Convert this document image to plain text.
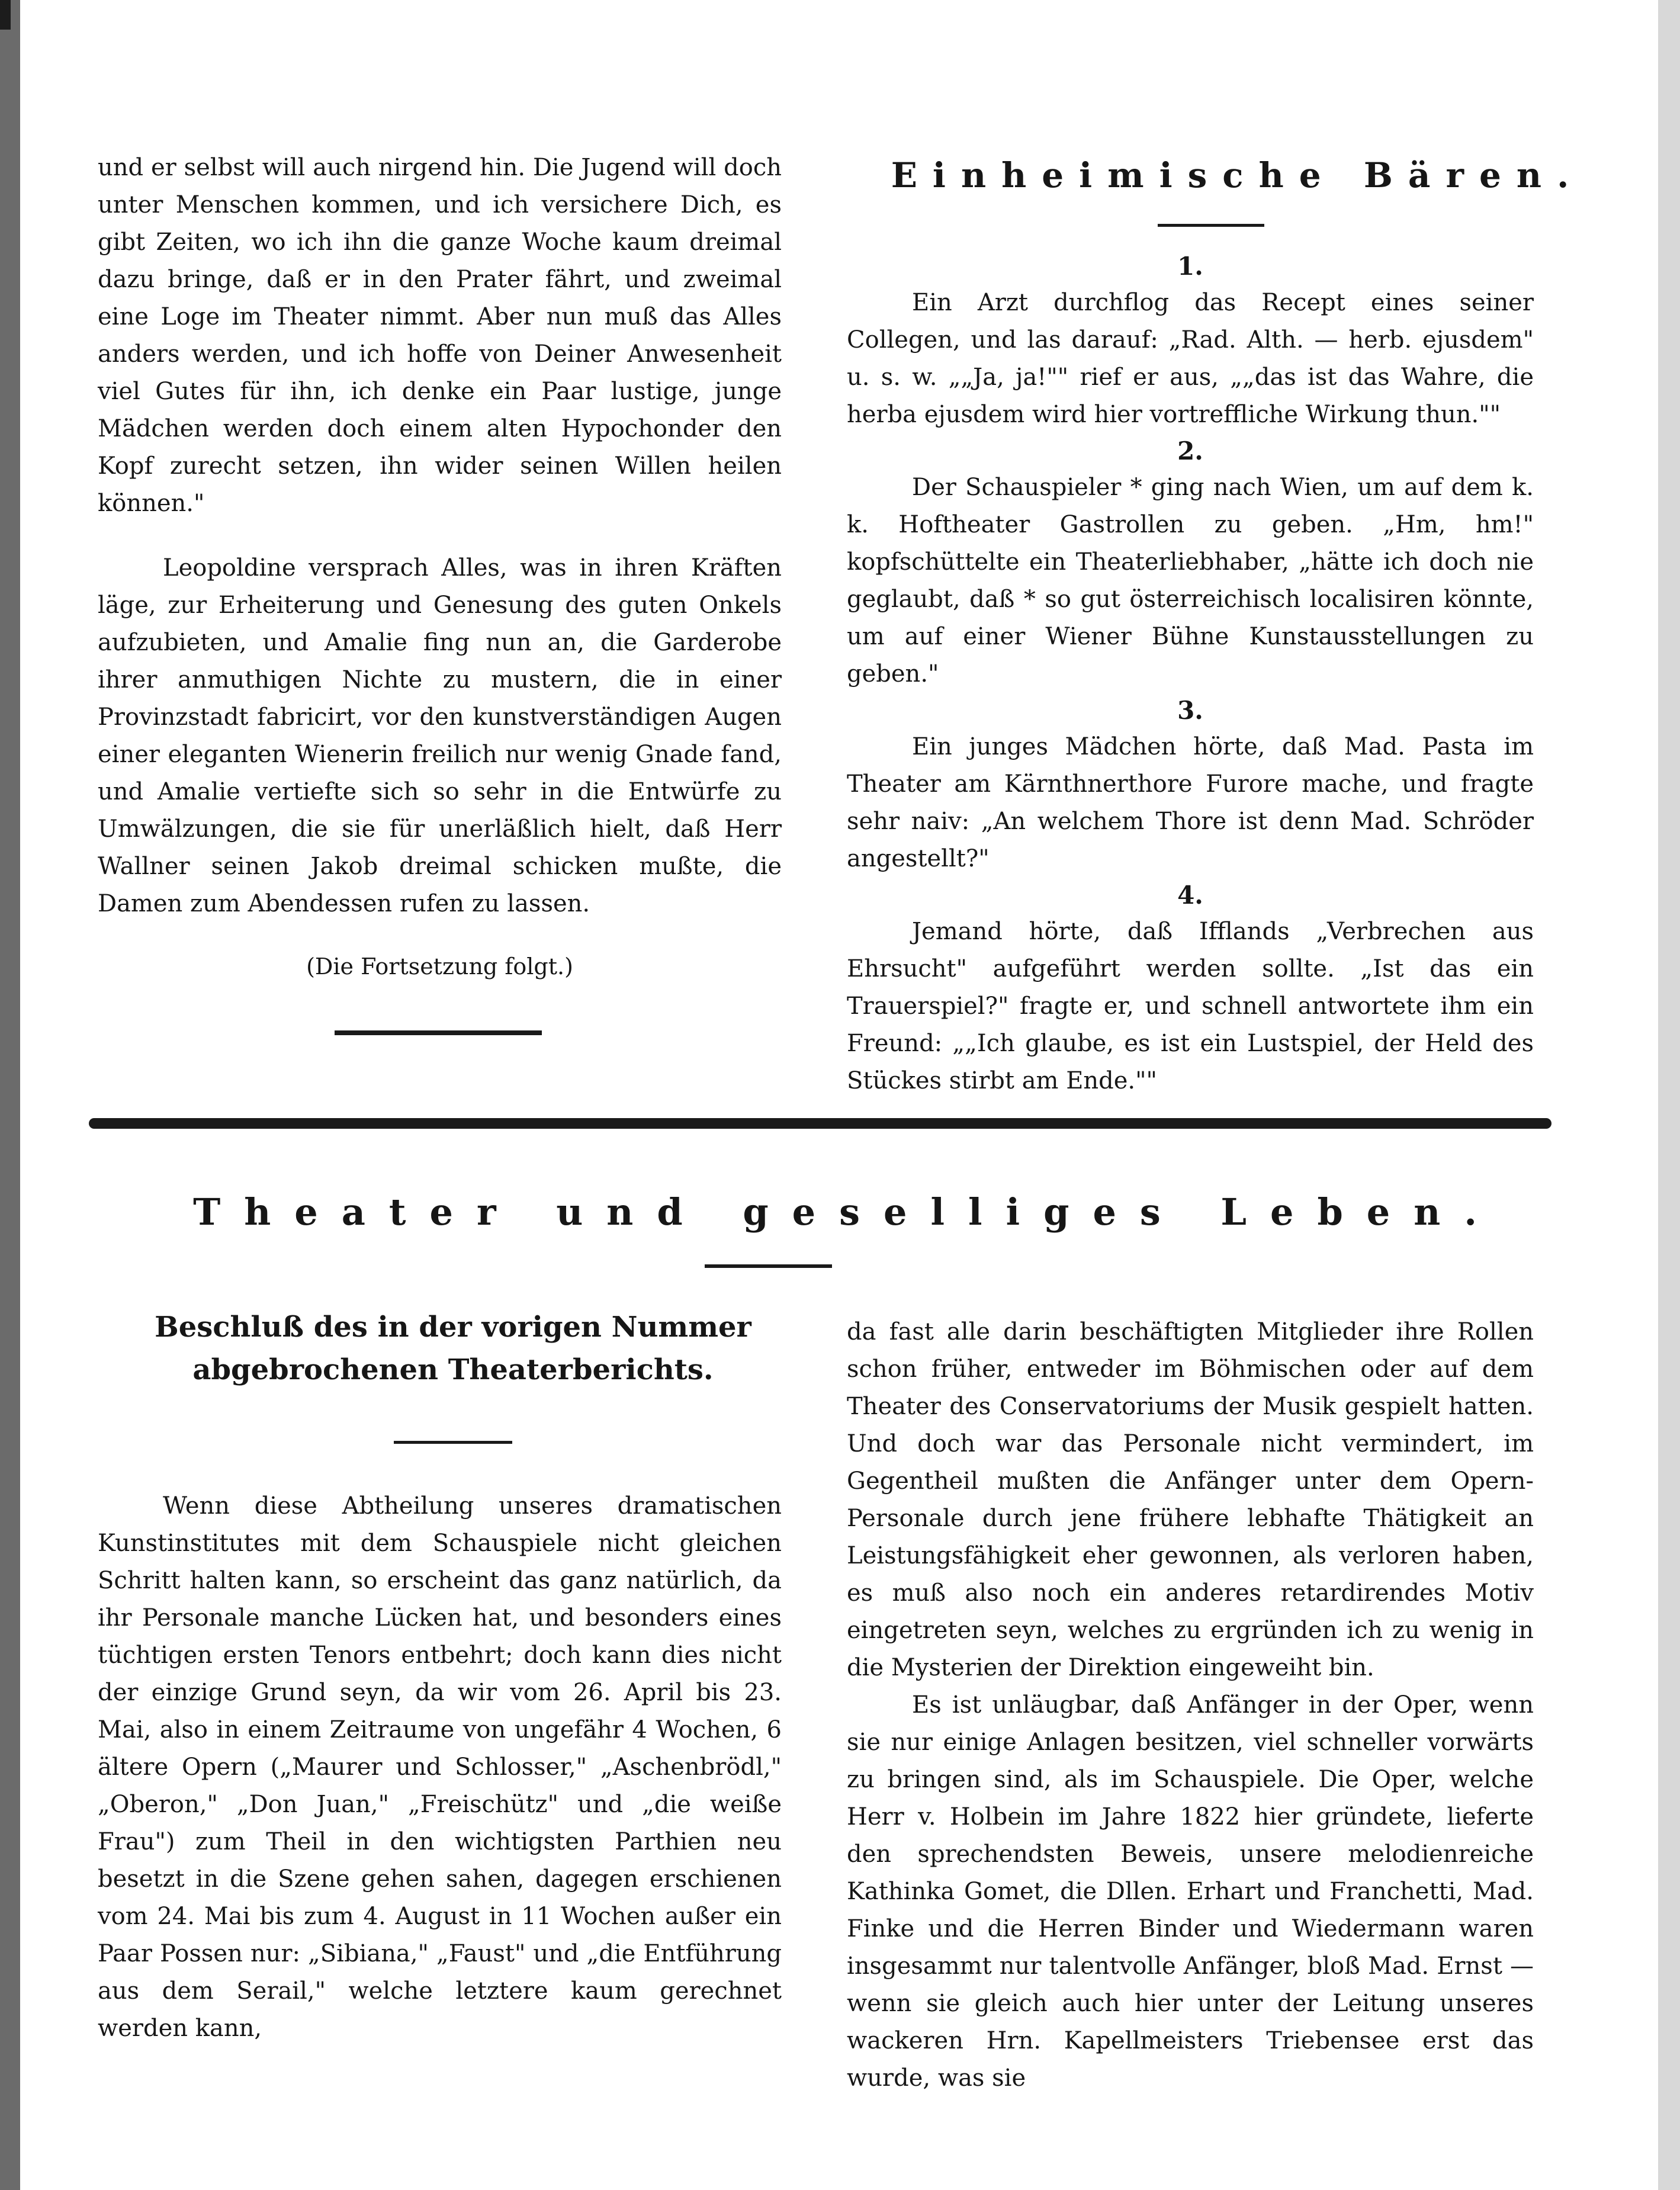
und er selbst will auch nirgend hin. Die Jugend will doch unter Menschen kommen, und ich versichere Dich, es gibt Zeiten, wo ich ihn die ganze Woche kaum dreimal dazu bringe, daß er in den Prater fährt, und zweimal eine Loge im Theater nimmt. Aber nun muß das Alles anders werden, und ich hoffe von Deiner Anwesenheit viel Gutes für ihn, ich denke ein Paar lustige, junge Mädchen werden doch einem alten Hypochonder den Kopf zurecht setzen, ihn wider seinen Willen heilen können."

Leopoldine versprach Alles, was in ihren Kräften läge, zur Erheiterung und Genesung des guten Onkels aufzubieten, und Amalie fing nun an, die Garderobe ihrer anmuthigen Nichte zu mustern, die in einer Provinzstadt fabricirt, vor den kunstverständigen Augen einer eleganten Wienerin freilich nur wenig Gnade fand, und Amalie vertiefte sich so sehr in die Entwürfe zu Umwälzungen, die sie für unerläßlich hielt, daß Herr Wallner seinen Jakob dreimal schicken mußte, die Damen zum Abendessen rufen zu lassen.

(Die Fortsetzung folgt.)

Einheimische Bären.

1.

Ein Arzt durchflog das Recept eines seiner Collegen, und las darauf: „Rad. Alth. — herb. ejusdem" u. s. w. „„Ja, ja!"" rief er aus, „„das ist das Wahre, die herba ejusdem wird hier vortreffliche Wirkung thun.""

2.

Der Schauspieler * ging nach Wien, um auf dem k. k. Hoftheater Gastrollen zu geben. „Hm, hm!" kopfschüttelte ein Theaterliebhaber, „hätte ich doch nie geglaubt, daß * so gut österreichisch localisiren könnte, um auf einer Wiener Bühne Kunstausstellungen zu geben."

3.

Ein junges Mädchen hörte, daß Mad. Pasta im Theater am Kärnthnerthore Furore mache, und fragte sehr naiv: „An welchem Thore ist denn Mad. Schröder angestellt?"

4.

Jemand hörte, daß Ifflands „Verbrechen aus Ehrsucht" aufgeführt werden sollte. „Ist das ein Trauerspiel?" fragte er, und schnell antwortete ihm ein Freund: „„Ich glaube, es ist ein Lustspiel, der Held des Stückes stirbt am Ende.""

Theater und geselliges Leben.
Beschluß des in der vorigen Nummer abgebrochenen Theaterberichts.

Wenn diese Abtheilung unseres dramatischen Kunstinstitutes mit dem Schauspiele nicht gleichen Schritt halten kann, so erscheint das ganz natürlich, da ihr Personale manche Lücken hat, und besonders eines tüchtigen ersten Tenors entbehrt; doch kann dies nicht der einzige Grund seyn, da wir vom 26. April bis 23. Mai, also in einem Zeitraume von ungefähr 4 Wochen, 6 ältere Opern („Maurer und Schlosser," „Aschenbrödl," „Oberon," „Don Juan," „Freischütz" und „die weiße Frau") zum Theil in den wichtigsten Parthien neu besetzt in die Szene gehen sahen, dagegen erschienen vom 24. Mai bis zum 4. August in 11 Wochen außer ein Paar Possen nur: „Sibiana," „Faust" und „die Entführung aus dem Serail," welche letztere kaum gerechnet werden kann,

da fast alle darin beschäftigten Mitglieder ihre Rollen schon früher, entweder im Böhmischen oder auf dem Theater des Conservatoriums der Musik gespielt hatten. Und doch war das Personale nicht vermindert, im Gegentheil mußten die Anfänger unter dem Opern-Personale durch jene frühere lebhafte Thätigkeit an Leistungsfähigkeit eher gewonnen, als verloren haben, es muß also noch ein anderes retardirendes Motiv eingetreten seyn, welches zu ergründen ich zu wenig in die Mysterien der Direktion eingeweiht bin.

Es ist unläugbar, daß Anfänger in der Oper, wenn sie nur einige Anlagen besitzen, viel schneller vorwärts zu bringen sind, als im Schauspiele. Die Oper, welche Herr v. Holbein im Jahre 1822 hier gründete, lieferte den sprechendsten Beweis, unsere melodienreiche Kathinka Gomet, die Dllen. Erhart und Franchetti, Mad. Finke und die Herren Binder und Wiedermann waren insgesammt nur talentvolle Anfänger, bloß Mad. Ernst — wenn sie gleich auch hier unter der Leitung unseres wackeren Hrn. Kapellmeisters Triebensee erst das wurde, was sie
